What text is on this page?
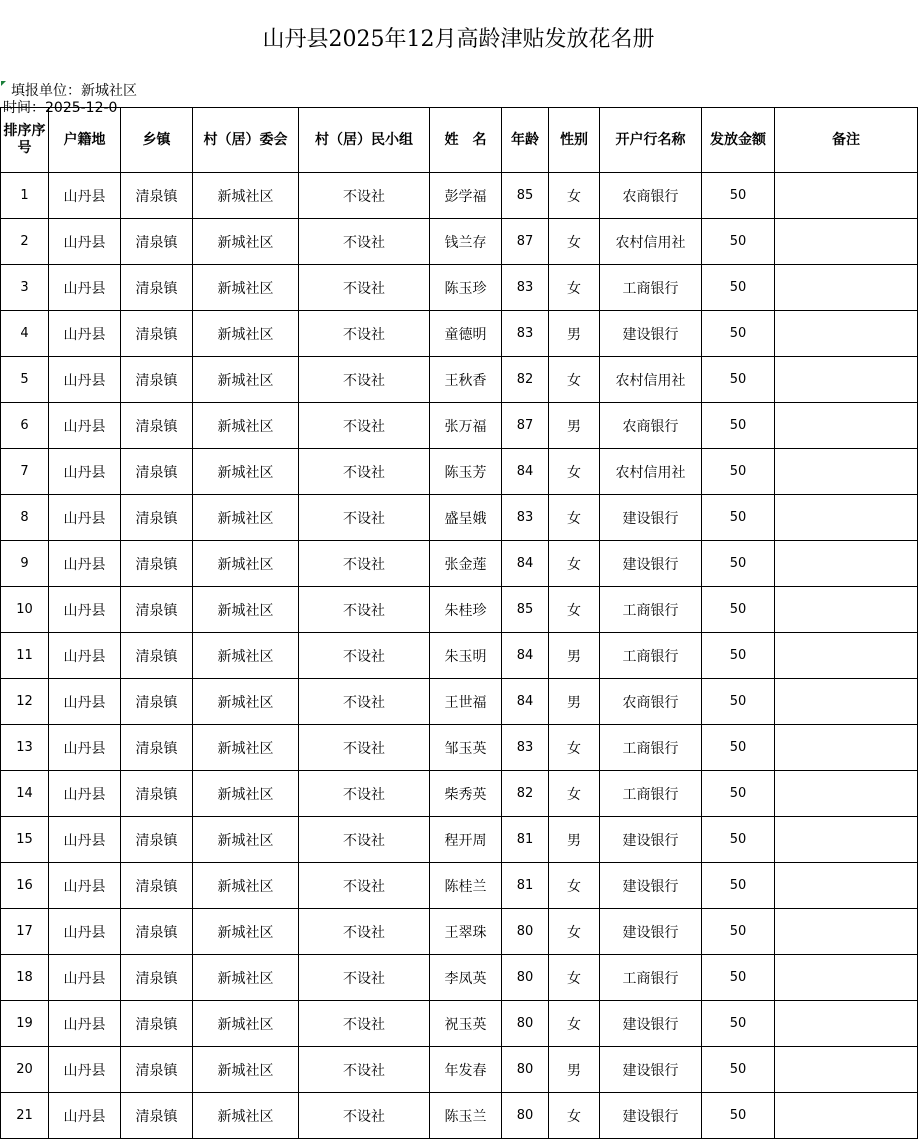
山丹县2025年12月高龄津贴发放花名册
填报单位：新城社区
时间：2025-12-0
排序序号	户籍地	乡镇	村（居）委会	村（居）民小组	姓名	年龄	性别	开户行名称	发放金额	备注
1	山丹县	清泉镇	新城社区	不设社	彭学福	85	女	农商银行	50	
2	山丹县	清泉镇	新城社区	不设社	钱兰存	87	女	农村信用社	50	
3	山丹县	清泉镇	新城社区	不设社	陈玉珍	83	女	工商银行	50	
4	山丹县	清泉镇	新城社区	不设社	童德明	83	男	建设银行	50	
5	山丹县	清泉镇	新城社区	不设社	王秋香	82	女	农村信用社	50	
6	山丹县	清泉镇	新城社区	不设社	张万福	87	男	农商银行	50	
7	山丹县	清泉镇	新城社区	不设社	陈玉芳	84	女	农村信用社	50	
8	山丹县	清泉镇	新城社区	不设社	盛呈娥	83	女	建设银行	50	
9	山丹县	清泉镇	新城社区	不设社	张金莲	84	女	建设银行	50	
10	山丹县	清泉镇	新城社区	不设社	朱桂珍	85	女	工商银行	50	
11	山丹县	清泉镇	新城社区	不设社	朱玉明	84	男	工商银行	50	
12	山丹县	清泉镇	新城社区	不设社	王世福	84	男	农商银行	50	
13	山丹县	清泉镇	新城社区	不设社	邹玉英	83	女	工商银行	50	
14	山丹县	清泉镇	新城社区	不设社	柴秀英	82	女	工商银行	50	
15	山丹县	清泉镇	新城社区	不设社	程开周	81	男	建设银行	50	
16	山丹县	清泉镇	新城社区	不设社	陈桂兰	81	女	建设银行	50	
17	山丹县	清泉镇	新城社区	不设社	王翠珠	80	女	建设银行	50	
18	山丹县	清泉镇	新城社区	不设社	李凤英	80	女	工商银行	50	
19	山丹县	清泉镇	新城社区	不设社	祝玉英	80	女	建设银行	50	
20	山丹县	清泉镇	新城社区	不设社	年发春	80	男	建设银行	50	
21	山丹县	清泉镇	新城社区	不设社	陈玉兰	80	女	建设银行	50	
